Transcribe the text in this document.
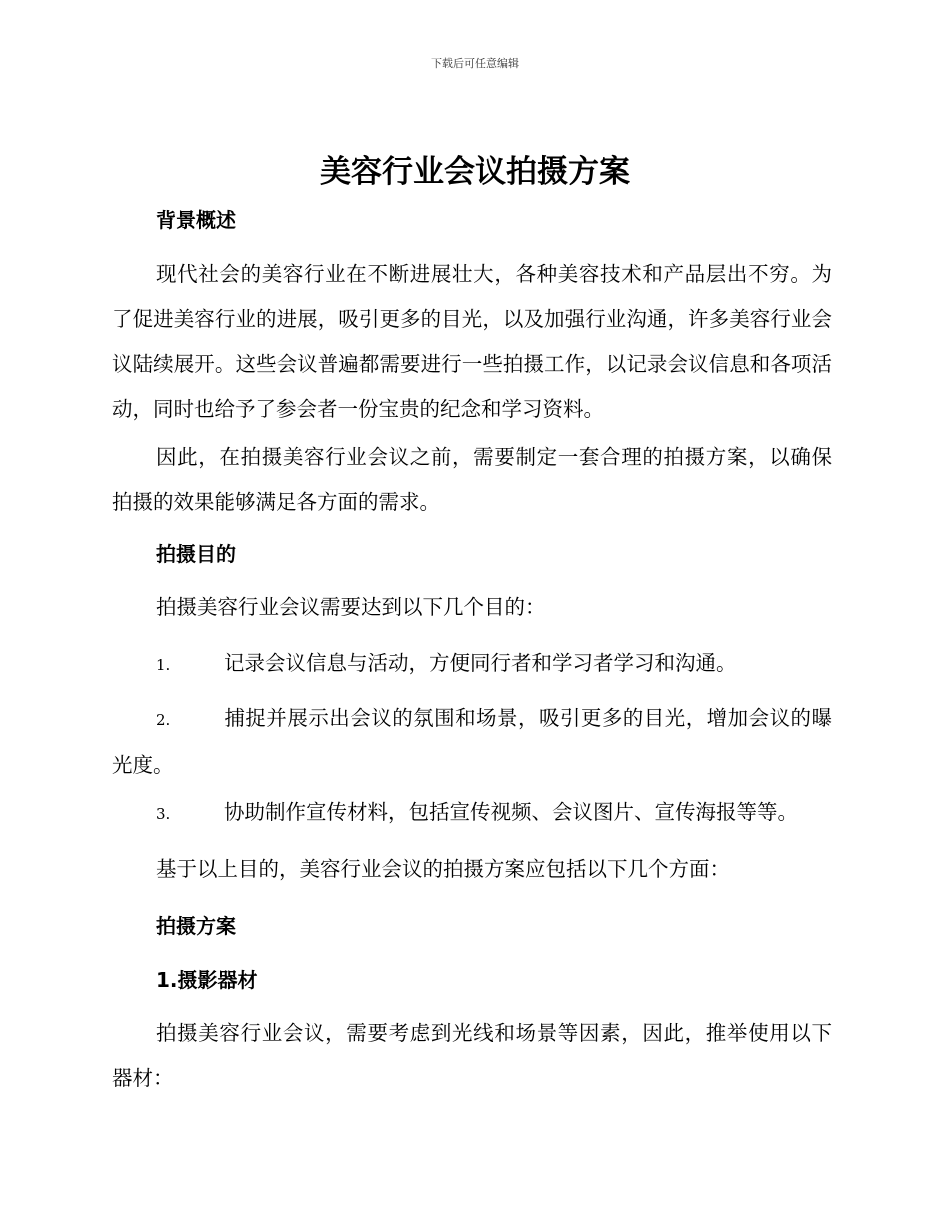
下载后可任意编辑
美容行业会议拍摄方案
背景概述
现代社会的美容行业在不断进展壮大，各种美容技术和产品层出不穷。为了促进美容行业的进展，吸引更多的目光，以及加强行业沟通，许多美容行业会议陆续展开。这些会议普遍都需要进行一些拍摄工作，以记录会议信息和各项活动，同时也给予了参会者一份宝贵的纪念和学习资料。
因此，在拍摄美容行业会议之前，需要制定一套合理的拍摄方案，以确保拍摄的效果能够满足各方面的需求。
拍摄目的
拍摄美容行业会议需要达到以下几个目的：
1.	记录会议信息与活动，方便同行者和学习者学习和沟通。
2.	捕捉并展示出会议的氛围和场景，吸引更多的目光，增加会议的曝光度。
3.	协助制作宣传材料，包括宣传视频、会议图片、宣传海报等等。
基于以上目的，美容行业会议的拍摄方案应包括以下几个方面：
拍摄方案
1.摄影器材
拍摄美容行业会议，需要考虑到光线和场景等因素，因此，推举使用以下器材：
